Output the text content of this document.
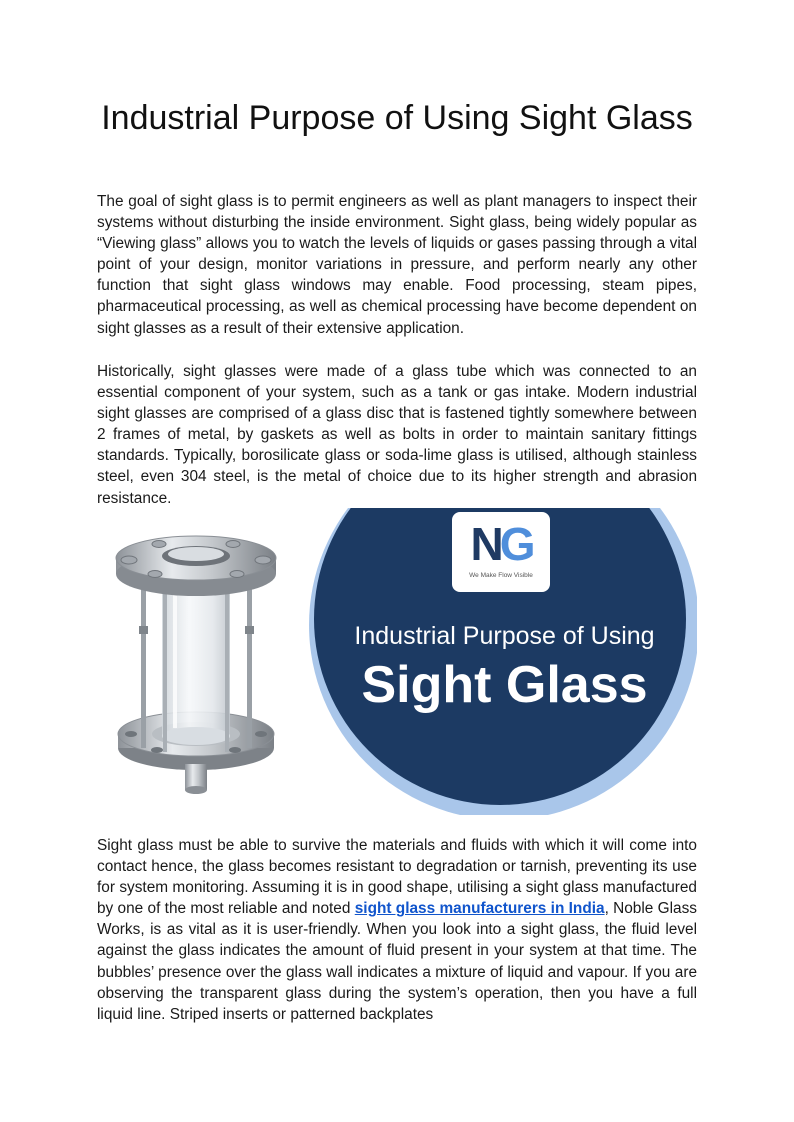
Industrial Purpose of Using Sight Glass

The goal of sight glass is to permit engineers as well as plant managers to inspect their systems without disturbing the inside environment. Sight glass, being widely popular as “Viewing glass” allows you to watch the levels of liquids or gases passing through a vital point of your design, monitor variations in pressure, and perform nearly any other function that sight glass windows may enable. Food processing, steam pipes, pharmaceutical processing, as well as chemical processing have become dependent on sight glasses as a result of their extensive application.

Historically, sight glasses were made of a glass tube which was connected to an essential component of your system, such as a tank or gas intake. Modern industrial sight glasses are comprised of a glass disc that is fastened tightly somewhere between 2 frames of metal, by gaskets as well as bolts in order to maintain sanitary fittings standards. Typically, borosilicate glass or soda-lime glass is utilised, although stainless steel, even 304 steel, is the metal of choice due to its higher strength and abrasion resistance.

NG
We Make Flow Visible
Industrial Purpose of Using
Sight Glass

Sight glass must be able to survive the materials and fluids with which it will come into contact hence, the glass becomes resistant to degradation or tarnish, preventing its use for system monitoring. Assuming it is in good shape, utilising a sight glass manufactured by one of the most reliable and noted sight glass manufacturers in India, Noble Glass Works, is as vital as it is user-friendly. When you look into a sight glass, the fluid level against the glass indicates the amount of fluid present in your system at that time. The bubbles’ presence over the glass wall indicates a mixture of liquid and vapour. If you are observing the transparent glass during the system’s operation, then you have a full liquid line. Striped inserts or patterned backplates
